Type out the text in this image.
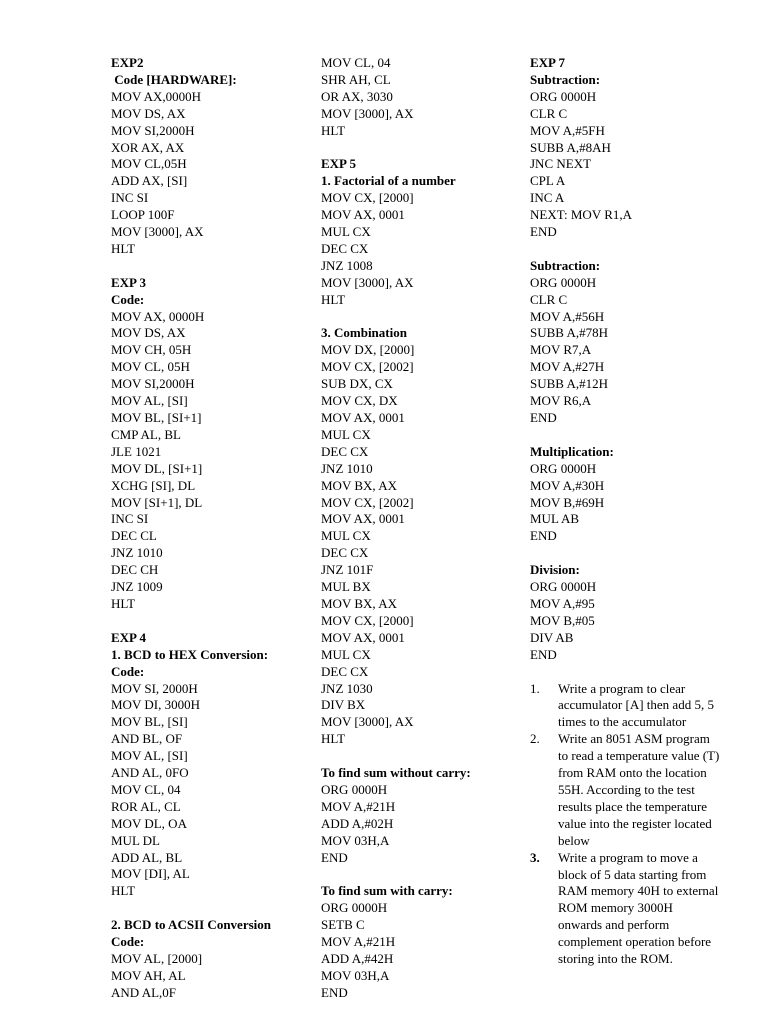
EXP2
Code [HARDWARE]:
MOV AX,0000H
MOV DS, AX
MOV SI,2000H
XOR AX, AX
MOV CL,05H
ADD AX, [SI]
INC SI
LOOP 100F
MOV [3000], AX
HLT
EXP 3
Code:
MOV AX, 0000H
MOV DS, AX
MOV CH, 05H
MOV CL, 05H
MOV SI,2000H
MOV AL, [SI]
MOV BL, [SI+1]
CMP AL, BL
JLE 1021
MOV DL, [SI+1]
XCHG [SI], DL
MOV [SI+1], DL
INC SI
DEC CL
JNZ 1010
DEC CH
JNZ 1009
HLT
EXP 4
1. BCD to HEX Conversion:
Code:
MOV SI, 2000H
MOV DI, 3000H
MOV BL, [SI]
AND BL, OF
MOV AL, [SI]
AND AL, 0FO
MOV CL, 04
ROR AL, CL
MOV DL, OA
MUL DL
ADD AL, BL
MOV [DI], AL
HLT
2. BCD to ACSII Conversion
Code:
MOV AL, [2000]
MOV AH, AL
AND AL,0F
MOV CL, 04
SHR AH, CL
OR AX, 3030
MOV [3000], AX
HLT
EXP 5
1. Factorial of a number
MOV CX, [2000]
MOV AX, 0001
MUL CX
DEC CX
JNZ 1008
MOV [3000], AX
HLT
3. Combination
MOV DX, [2000]
MOV CX, [2002]
SUB DX, CX
MOV CX, DX
MOV AX, 0001
MUL CX
DEC CX
JNZ 1010
MOV BX, AX
MOV CX, [2002]
MOV AX, 0001
MUL CX
DEC CX
JNZ 101F
MUL BX
MOV BX, AX
MOV CX, [2000]
MOV AX, 0001
MUL CX
DEC CX
JNZ 1030
DIV BX
MOV [3000], AX
HLT
To find sum without carry:
ORG 0000H
MOV A,#21H
ADD A,#02H
MOV 03H,A
END
To find sum with carry:
ORG 0000H
SETB C
MOV A,#21H
ADD A,#42H
MOV 03H,A
END
EXP 7
Subtraction:
ORG 0000H
CLR C
MOV A,#5FH
SUBB A,#8AH
JNC NEXT
CPL A
INC A
NEXT: MOV R1,A
END
Subtraction:
ORG 0000H
CLR C
MOV A,#56H
SUBB A,#78H
MOV R7,A
MOV A,#27H
SUBB A,#12H
MOV R6,A
END
Multiplication:
ORG 0000H
MOV A,#30H
MOV B,#69H
MUL AB
END
Division:
ORG 0000H
MOV A,#95
MOV B,#05
DIV AB
END
1.	Write a program to clear accumulator [A] then add 5, 5 times to the accumulator
2.	Write an 8051 ASM program to read a temperature value (T) from RAM onto the location 55H. According to the test results place the temperature value into the register located below
3.	Write a program to move a block of 5 data starting from RAM memory 40H to external ROM memory 3000H onwards and perform complement operation before storing into the ROM.
